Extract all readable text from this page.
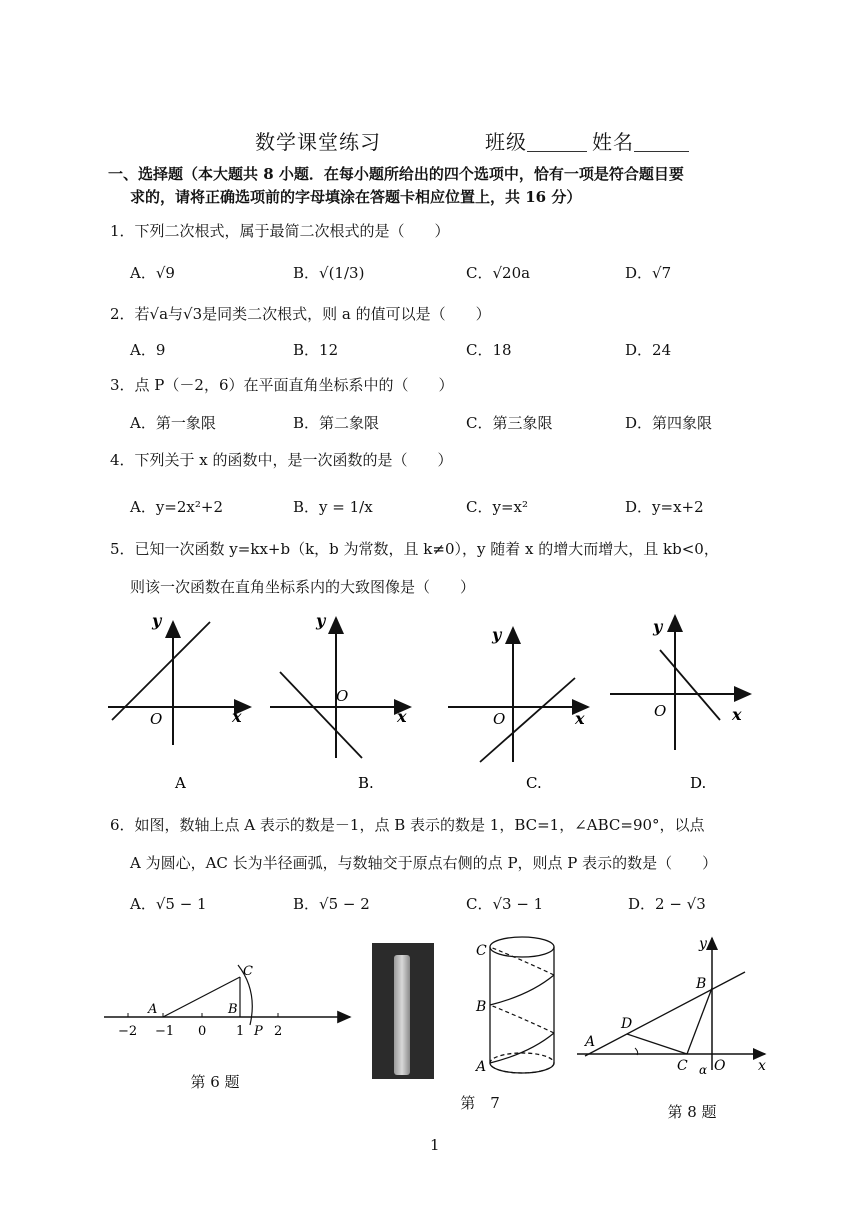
数学课堂练习	班级	姓名
一、选择题（本大题共 8 小题．在每小题所给出的四个选项中，恰有一项是符合题目要
求的，请将正确选项前的字母填涂在答题卡相应位置上，共 16 分）
1．下列二次根式，属于最简二次根式的是（　　）
A．√9	B．√(1/3)	C．√20a	D．√7
2．若√a与√3是同类二次根式，则 a 的值可以是（　　）
A．9	B．12	C．18	D．24
3．点 P（－2，6）在平面直角坐标系中的（　　）
A．第一象限	B．第二象限	C．第三象限	D．第四象限
4．下列关于 x 的函数中，是一次函数的是（　　）
A．y=2x²+2	B．y = 1/x	C．y=x²	D．y=x+2
5．已知一次函数 y=kx+b（k，b 为常数，且 k≠0），y 随着 x 的增大而增大，且 kb<0，
则该一次函数在直角坐标系内的大致图像是（　　）
y
x
O
A
y
x
O
B.
y
x
O
C.
y
x
O
D.
6．如图，数轴上点 A 表示的数是－1，点 B 表示的数是 1，BC=1，∠ABC=90°，以点
A 为圆心，AC 长为半径画弧，与数轴交于原点右侧的点 P，则点 P 表示的数是（　　）
A．√5 − 1	B．√5 − 2	C．√3 − 1	D．2 − √3
−2 −1 0 1 2
A	B
C
P
第 6 题
C
B
A
第　7
A
B
C
D
O
α	x
y
第 8 题
1
